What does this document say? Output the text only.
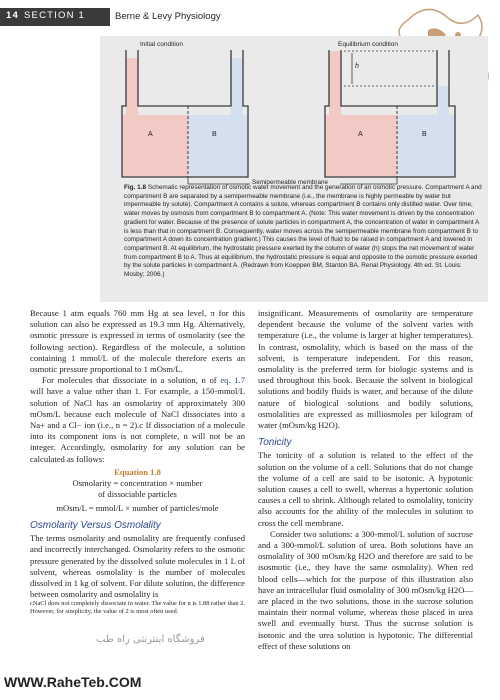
14 SECTION 1	Berne & Levy Physiology
Initial condition	Equilibrium condition
A	B	A	B
h
Semipermeable membrane
Fig. 1.8 Schematic representation of osmotic water movement and the generation of an osmotic pressure. Compartment A and compartment B are separated by a semipermeable membrane (i.e., the membrane is highly permeable by water but impermeable by solute). Compartment A contains a solute, whereas compartment B contains only distilled water. Over time, water moves by osmosis from compartment B to compartment A. (Note: This water movement is driven by the concentration gradient for water. Because of the presence of solute particles in compartment A, the concentration of water in compartment A is less than that in compartment B. Consequently, water moves across the semipermeable membrane from compartment B to compartment A down its concentration gradient.) This causes the level of fluid to be raised in compartment A and lowered in compartment B. At equilibrium, the hydrostatic pressure exerted by the column of water (h) stops the net movement of water from compartment B to A. Thus at equilibrium, the hydrostatic pressure is equal and opposite to the osmotic pressure exerted by the solute particles in compartment A. (Redrawn from Koeppen BM, Stanton BA. Renal Physiology. 4th ed. St. Louis: Mosby; 2006.)

Because 1 atm equals 760 mm Hg at sea level, π for this solution can also be expressed as 19.3 mm Hg. Alternatively, osmotic pressure is expressed in terms of osmolarity (see the following section). Regardless of the molecule, a solution containing 1 mmol/L of the molecule therefore exerts an osmotic pressure proportional to 1 mOsm/L.

For molecules that dissociate in a solution, n of eq. 1.7 will have a value other than 1. For example, a 150-mmol/L solution of NaCl has an osmolarity of approximately 300 mOsm/L because each molecule of NaCl dissociates into a Na+ and a Cl− ion (i.e., n = 2).c If dissociation of a molecule into its component ions is not complete, n will not be an integer. Accordingly, osmolarity for any solution can be calculated as follows:

Equation 1.8
Osmolarity = concentration × number
of dissociable particles
mOsm/L = mmol/L × number of particles/mole
Osmolarity Versus Osmolality

The terms osmolarity and osmolality are frequently confused and incorrectly interchanged. Osmolarity refers to the osmotic pressure generated by the dissolved solute molecules in 1 L of solvent, whereas osmolality is the number of molecules dissolved in 1 kg of solvent. For dilute solution, the difference between osmolarity and osmolality is

cNaCl does not completely dissociate in water. The value for n is 1.88 rather than 2. However, for simplicity, the value of 2 is most often used.

insignificant. Measurements of osmolarity are temperature dependent because the volume of the solvent varies with temperature (i.e., the volume is larger at higher temperatures). In contrast, osmolality, which is based on the mass of the solvent, is temperature independent. For this reason, osmolality is the preferred term for biologic systems and is used throughout this book. Because the solvent in biological solutions and bodily fluids is water, and because of the dilute nature of biological solutions and bodily solutions, osmolalities are expressed as milliosmoles per kilogram of water (mOsm/kg H2O).

Tonicity

The tonicity of a solution is related to the effect of the solution on the volume of a cell. Solutions that do not change the volume of a cell are said to be isotonic. A hypotonic solution causes a cell to swell, whereas a hypertonic solution causes a cell to shrink. Although related to osmolality, tonicity also accounts for the ability of the molecules in solution to cross the cell membrane.

Consider two solutions: a 300-mmol/L solution of sucrose and a 300-mmol/L solution of urea. Both solutions have an osmolality of 300 mOsm/kg H2O and therefore are said to be isosmotic (i.e., they have the same osmolality). When red blood cells—which for the purpose of this illustration also have an intracellular fluid osmolality of 300 mOsm/kg H2O—are placed in the two solutions, those in the sucrose solution maintain their normal volume, whereas those placed in urea swell and eventually burst. Thus the sucrose solution is isotonic and the urea solution is hypotonic. The differential effect of these solutions on

فروشگاه اینترنتی راه طب
WWW.RaheTeb.COM
